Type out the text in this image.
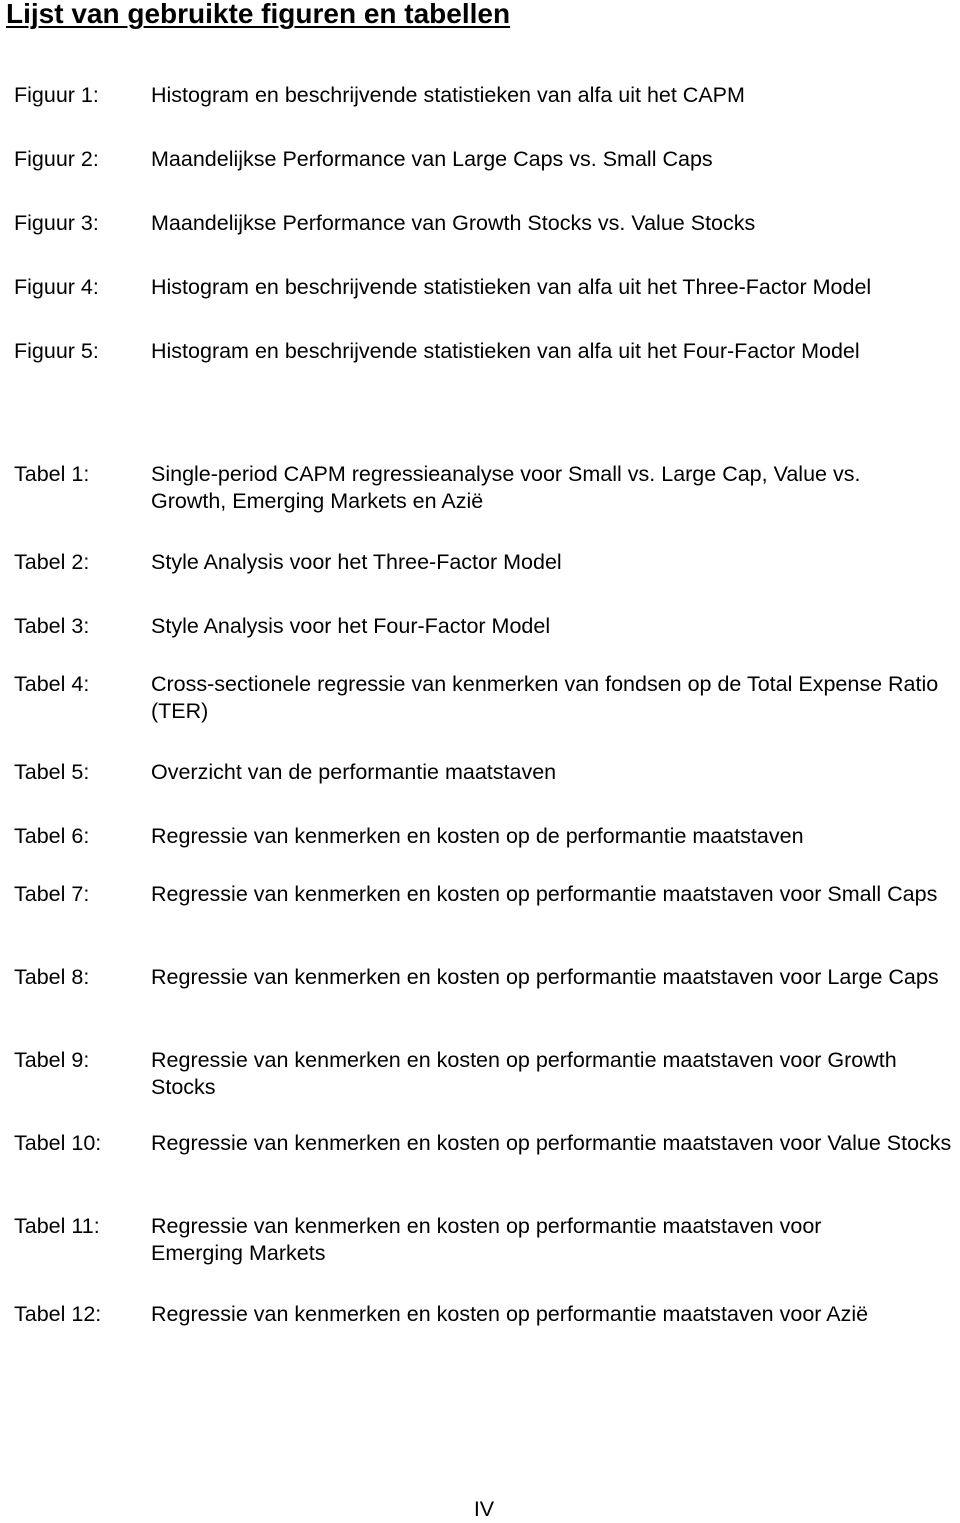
Lijst van gebruikte figuren en tabellen
Figuur 1: Histogram en beschrijvende statistieken van alfa uit het CAPM
Figuur 2: Maandelijkse Performance van Large Caps vs. Small Caps
Figuur 3: Maandelijkse Performance van Growth Stocks vs. Value Stocks
Figuur 4: Histogram en beschrijvende statistieken van alfa uit het Three-Factor Model
Figuur 5: Histogram en beschrijvende statistieken van alfa uit het Four-Factor Model
Tabel 1:	Single-period CAPM regressieanalyse voor Small vs. Large Cap, Value vs. Growth, Emerging Markets en Azië
Tabel 2:	Style Analysis voor het Three-Factor Model
Tabel 3:	Style Analysis voor het Four-Factor Model
Tabel 4:	Cross-sectionele regressie van kenmerken van fondsen op de Total Expense Ratio (TER)
Tabel 5:	Overzicht van de performantie maatstaven
Tabel 6:	Regressie van kenmerken en kosten op de performantie maatstaven
Tabel 7:	Regressie van kenmerken en kosten op performantie maatstaven voor Small Caps
Tabel 8:	Regressie van kenmerken en kosten op performantie maatstaven voor Large Caps
Tabel 9:	Regressie van kenmerken en kosten op performantie maatstaven voor Growth Stocks
Tabel 10: Regressie van kenmerken en kosten op performantie maatstaven voor Value Stocks
Tabel 11: Regressie van kenmerken en kosten op performantie maatstaven voor Emerging Markets
Tabel 12: Regressie van kenmerken en kosten op performantie maatstaven voor Azië
IV
